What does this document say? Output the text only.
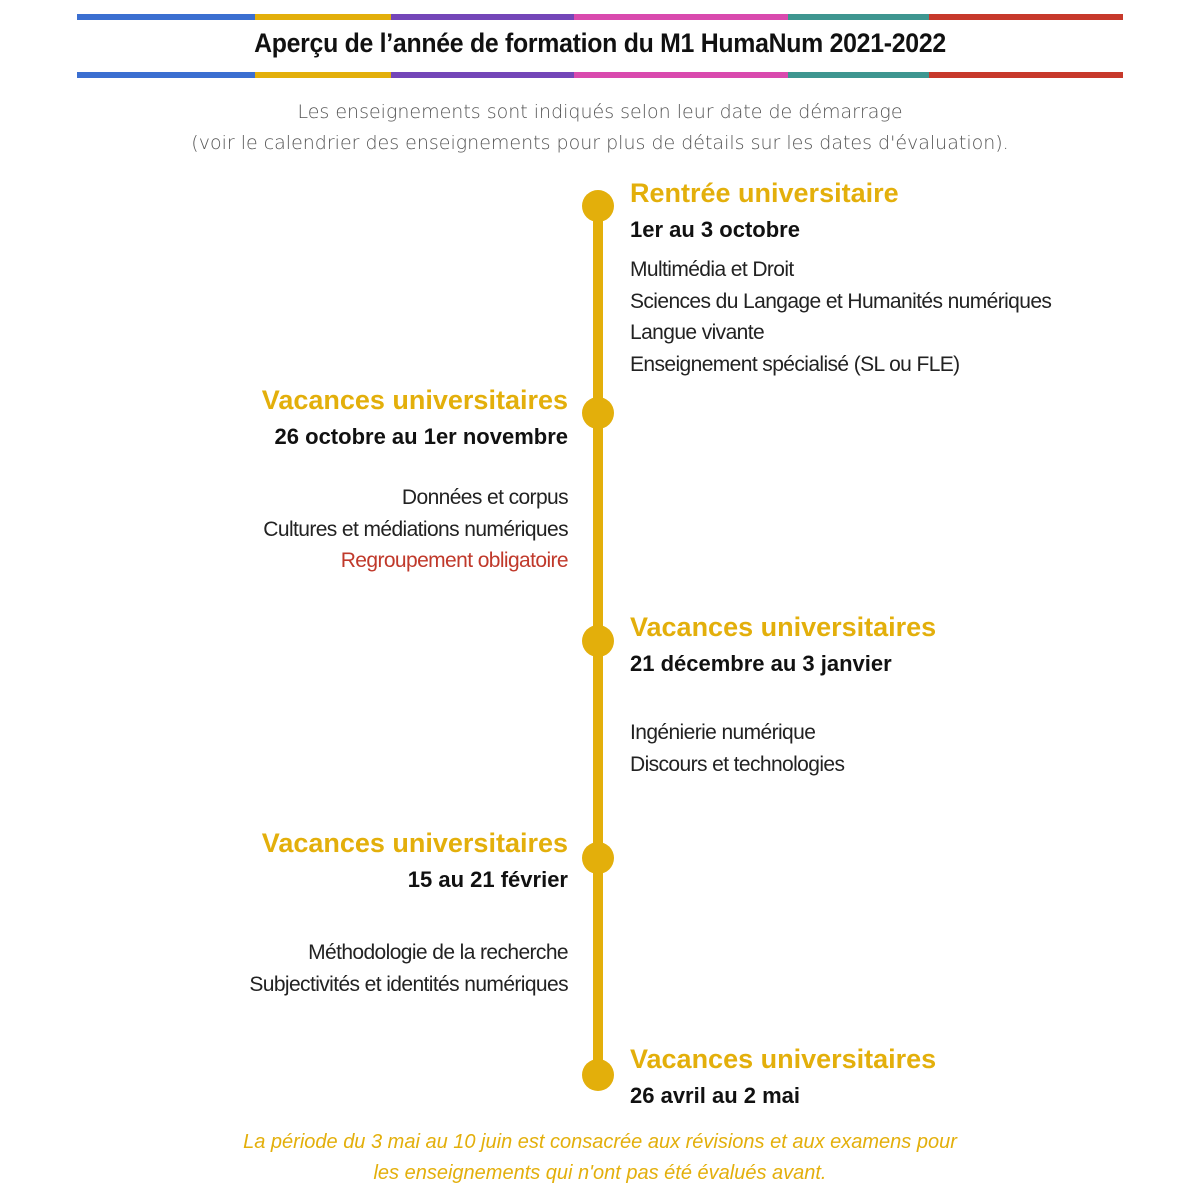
Aperçu de l’année de formation du M1 HumaNum 2021-2022
Les enseignements sont indiqués selon leur date de démarrage
(voir le calendrier des enseignements pour plus de détails sur les dates d'évaluation).
Rentrée universitaire
1er au 3 octobre
Multimédia et Droit
Sciences du Langage et Humanités numériques
Langue vivante
Enseignement spécialisé (SL ou FLE)
Vacances universitaires
26 octobre au 1er novembre
Données et corpus
Cultures et médiations numériques
Regroupement obligatoire
Vacances universitaires
21 décembre au 3 janvier
Ingénierie numérique
Discours et technologies
Vacances universitaires
15 au 21 février
Méthodologie de la recherche
Subjectivités et identités numériques
Vacances universitaires
26 avril au 2 mai
La période du 3 mai au 10 juin est consacrée aux révisions et aux examens pour
les enseignements qui n'ont pas été évalués avant.
